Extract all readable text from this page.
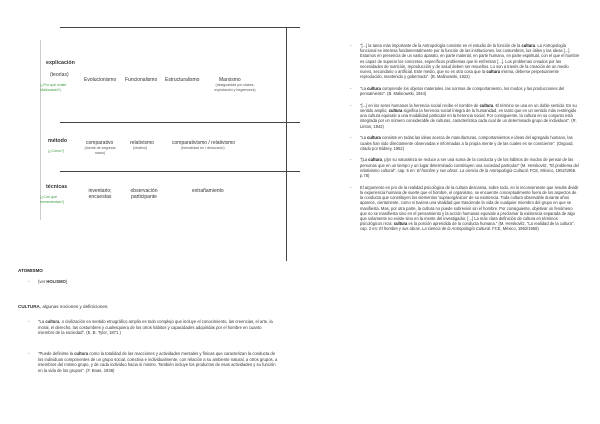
explicación
(teorías)
(¿Por qué existe Malinowski?)
método
(¿Cómo?)
técnicas
(¿Con qué herramientas?)
Evolucionismo Funcionalismo Estructuralismo	Marxismo
(desigualdad por clases, explotación y hegemonía)
comparativo
(fuente de segunda mano)
relativismo
(relativo)
comparativismo / relativismo
(formalidad en / deducción)
inventario;
encuestas
observación
participante
extrañamiento
ATOMISMO
- (ver HOLISMO)
CULTURA, algunas nociones y definiciones.
- "La cultura, o civilización en sentido etnográfico amplio es todo complejo que incluye el conocimiento, las creencias, el arte, la moral, el derecho, las costumbres y cualesquiera de los otros hábitos y capacidades adquiridas por el hombre en cuanto miembro de la sociedad". (E. B. Tylor, 1871 )
- "Puede definirse la cultura como la totalidad de las reacciones y actividades mentales y físicas que caracterizan la conducta de los individuos componentes de un grupo social, colectiva e individualmente, con relación a su ambiente natural, a otros grupos, a miembros del mismo grupo, y de cada individuo hacia sí mismo. También incluye los productos de esas actividades y su función en la vida de los grupos". (F. Boas, 1938)
- "[...] la tarea más importante de la Antropología consiste en el estudio de la función de la cultura. La Antropología funcional se interesa fundamentalmente por la función de las instituciones, las costumbres, los útiles y las ideas [...]. Estamos en presencia de un vasto aparato, en parte material, en parte humano, en parte espiritual, con el que el hombre es capaz de superar los concretos, específicos problemas que le enfrentan [...]. Los problemas creados por las necesidades de nutrición, reproducción y de salud deben ser resueltos. Lo son a través de la creación de un medio nuevo, secundario o artificial. Este medio, que no es otra cosa que la cultura misma, deberse perpetuamente reproducido, mantenido y gobernado". (B. Malinowski, 1922)
- "La cultura comprende los objetos materiales, las normas de comportamiento, los modos y las producciones del pensamiento". (B. Malinowski, 1944)
- "[...] en los seres humanos la herencia social recibe el nombre de cultura. El término se usa en un doble sentido. En su sentido amplio, cultura significa la herencia social íntegra de la humanidad, en tanto que en un sentido más restringido una cultura equivale a una modalidad particular en la herencia social. Por consiguiente, la cultura en su conjunto está integrada por un número considerable de culturas, característica cada cual de un determinado grupo de individuos". (R. Linton, 1942)
- "La cultura consiste en todas las ideas acerca de manufacturas, comportamientos e ideas del agregado humano, las cuales han sido directamente observadas e informadas a la propia mente y de las cuales es se consciente". (Osgood, citado por Bidney, 1952)
- "[La cultura, p]or su naturaleza se reduce a ser una suma de la conducta y de los hábitos de modos de pensar de las personas que en un tiempo y un lugar determinado constituyen una sociedad particular" (M. Herskovitz, "El problema del relativismo cultural", cap. 5 en: El hombre y sus obras. La ciencia de la Antropología Cultural. FCE, México, 1952/1968. p.78)
- El argumento en pro de la realidad psicológica de la cultura descansa, sobre todo, en lo inconveniente que resulte dividir la experiencia humana de suerte que el hombre, el organismo, se encuentre conceptualmente fuera de los aspectos de la conducta que constituyen los elementos 'supraorgánicos' de su existencia. Toda cultura observable durante años aparece, ciertamente, como si tuviera una vitalidad que trasciende la vida de cualquier miembro del grupo en que se manifiesta. Mas, por otra parte, la cultura no puede sobrevivir sin el hombre. Por consiguiente, objetivar un fenómeno que no se manifiesta sino en el pensamiento y la acción humanas equivale a proclamar la existencia separada de algo que solamente no existe sino en la mente del investigador. [...] La más clara definición de cultura en términos psicológicos reza: cultura es la porción aprendida de la conducta humana." (M. Herskovitz, "La realidad de la cultura", cap. 2 en: El hombre y sus obras. La ciencia de la Antropología Cultural. FCE, México, 1952/1968)
